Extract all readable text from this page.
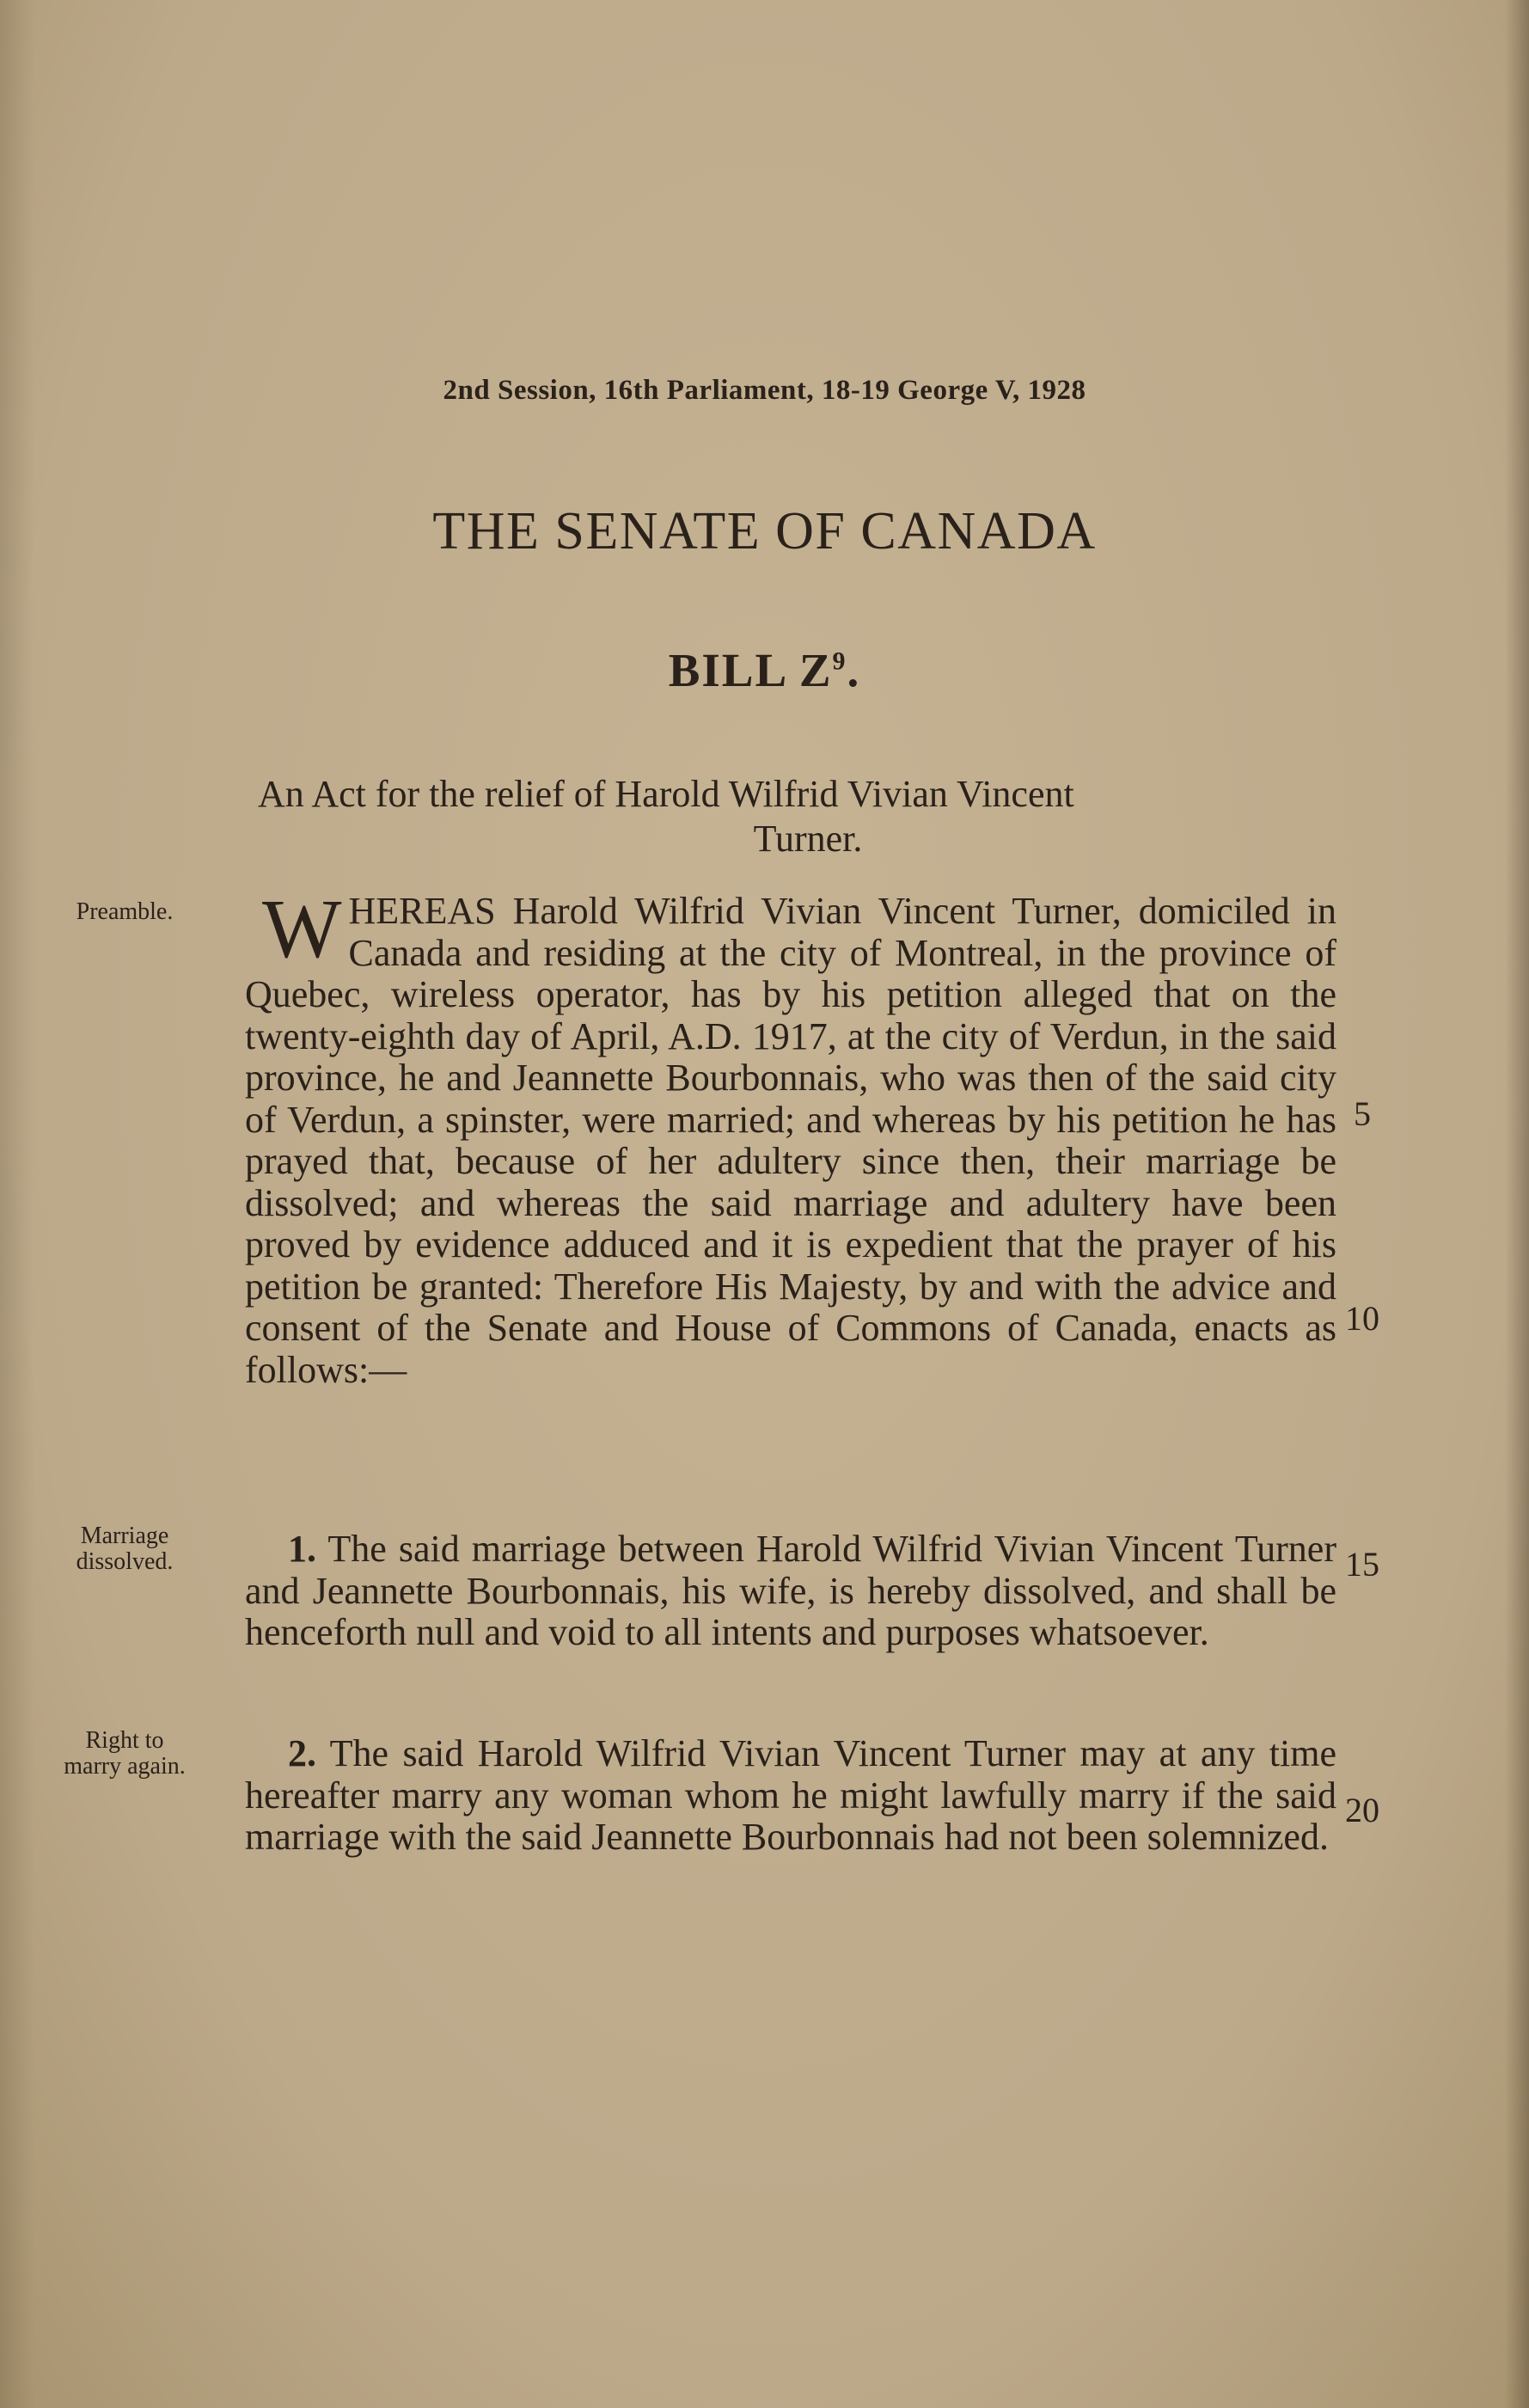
2nd Session, 16th Parliament, 18-19 George V, 1928
THE SENATE OF CANADA
BILL $Z^9$.
An Act for the relief of Harold Wilfrid Vivian Vincent
Turner.
Preamble.	WHEREAS Harold Wilfrid Vivian Vincent Turner, domiciled in Canada and residing at the city of Montreal, in the province of Quebec, wireless operator, has by his petition alleged that on the twenty-eighth day of April, A.D. 1917, at the city of Verdun, in the said province, he and Jeannette Bourbonnais, who was then of the said city of Verdun, a spinster, were married; and whereas by his petition he has prayed that, because of her adultery since then, their marriage be dissolved; and whereas the said marriage and adultery have been proved by evidence adduced and it is expedient that the prayer of his petition be granted: Therefore His Majesty, by and with the advice and consent of the Senate and House of Commons of Canada, enacts as follows:—
5
10
Marriage
dissolved.	1. The said marriage between Harold Wilfrid Vivian Vincent Turner and Jeannette Bourbonnais, his wife, is hereby dissolved, and shall be henceforth null and void to all intents and purposes whatsoever.
15
Right to
marry again.	2. The said Harold Wilfrid Vivian Vincent Turner may at any time hereafter marry any woman whom he might lawfully marry if the said marriage with the said Jeannette Bourbonnais had not been solemnized.
20
